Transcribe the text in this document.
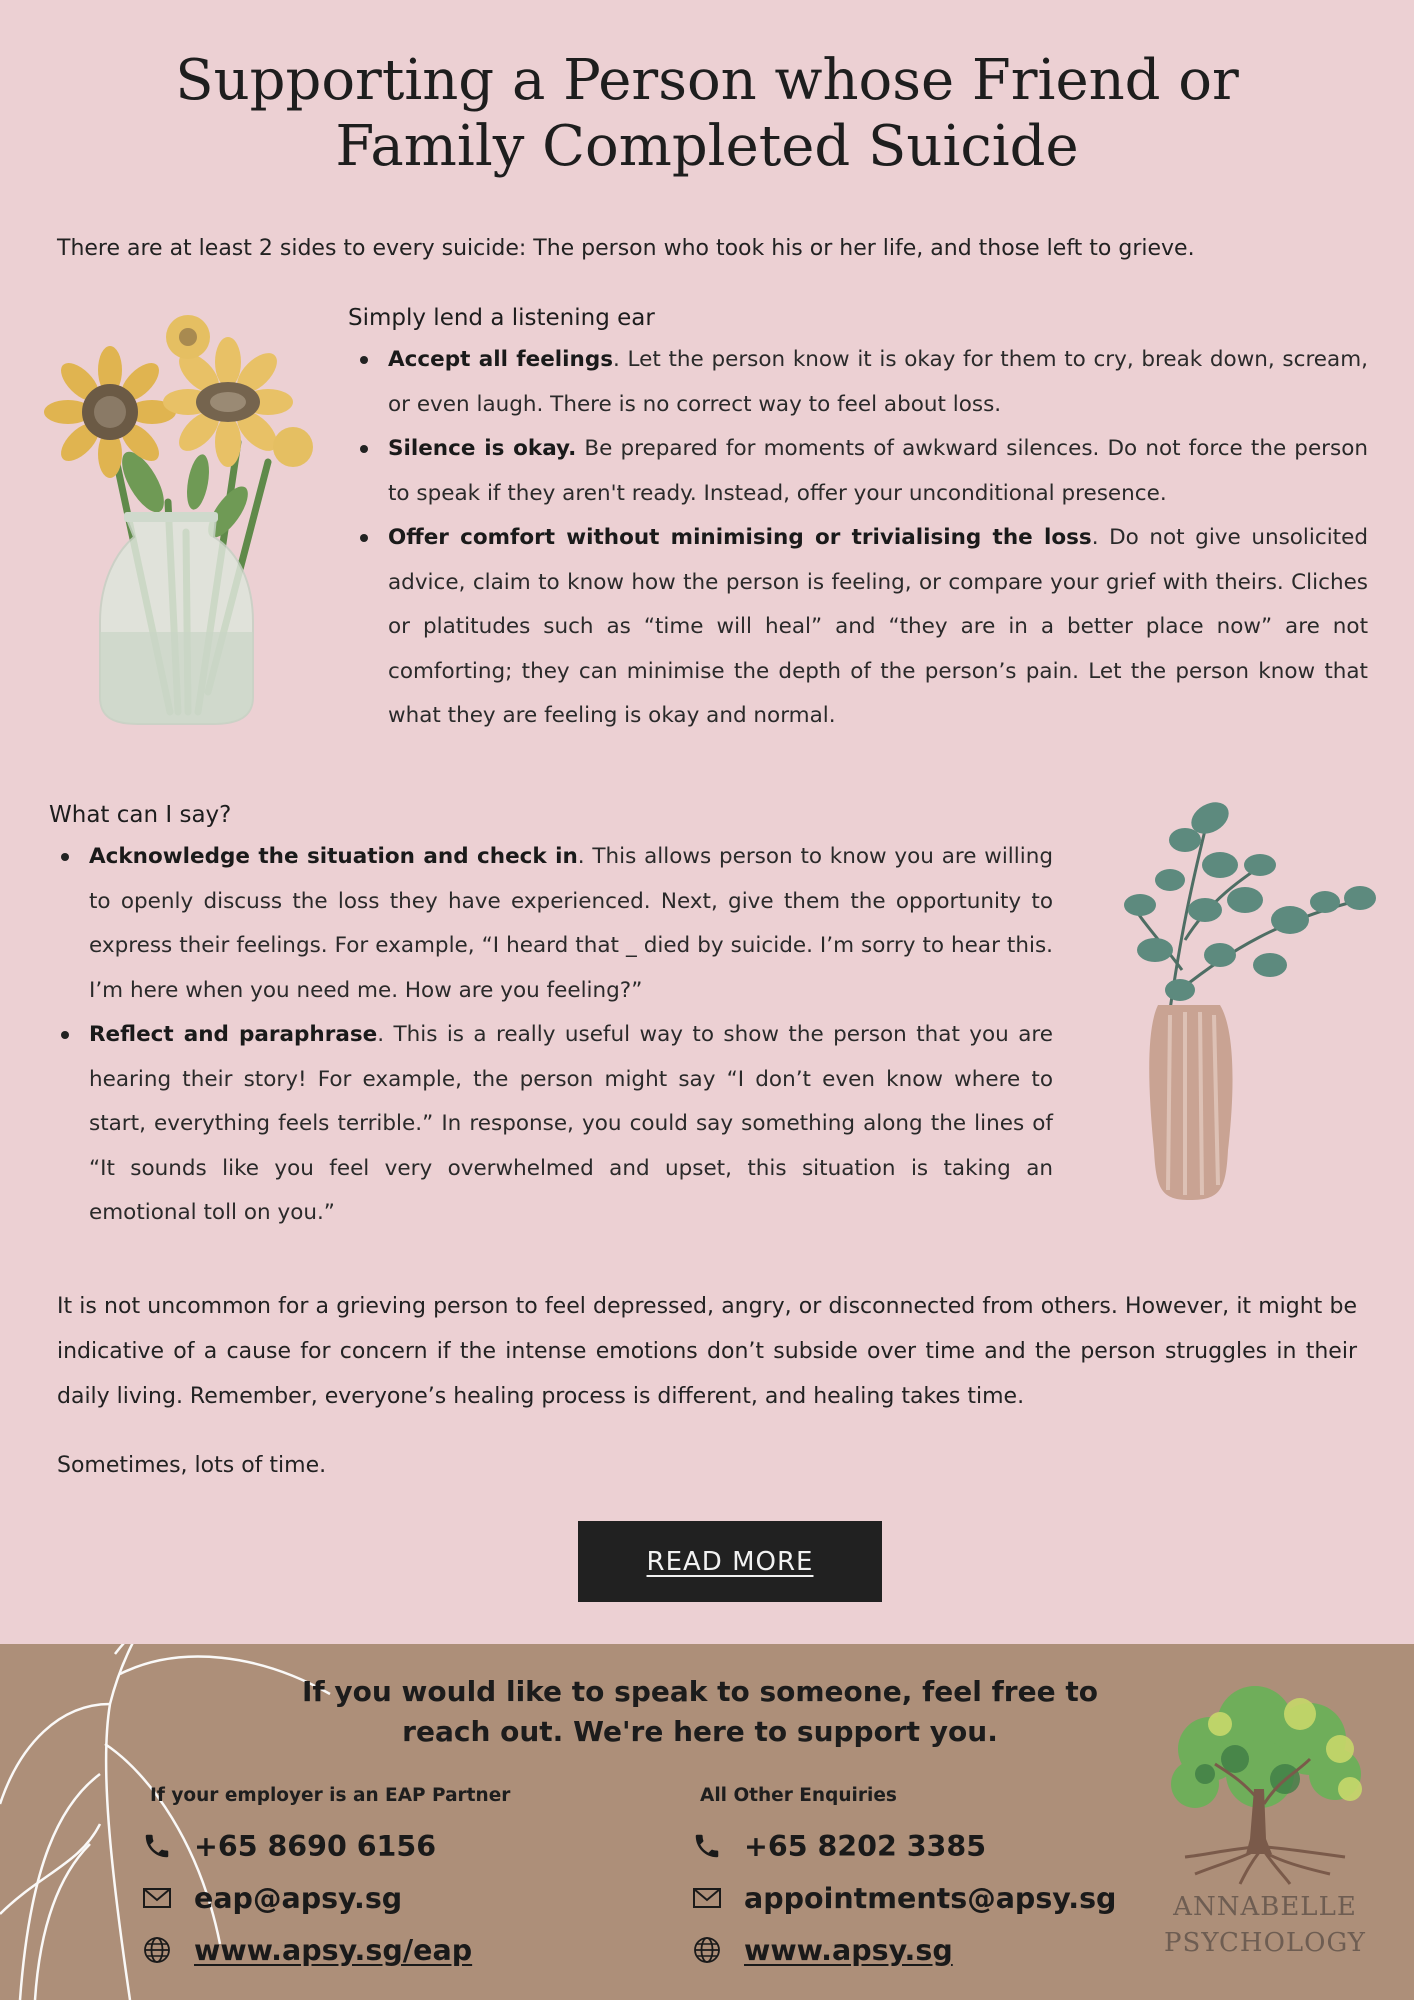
Supporting a Person whose Friend or
Family Completed Suicide

There are at least 2 sides to every suicide: The person who took his or her life, and those left to grieve.

Simply lend a listening ear

Accept all feelings. Let the person know it is okay for them to cry, break down, scream, or even laugh. There is no correct way to feel about loss.
Silence is okay. Be prepared for moments of awkward silences. Do not force the person to speak if they aren't ready. Instead, offer your unconditional presence.
Offer comfort without minimising or trivialising the loss. Do not give unsolicited advice, claim to know how the person is feeling, or compare your grief with theirs. Cliches or platitudes such as “time will heal” and “they are in a better place now” are not comforting; they can minimise the depth of the person’s pain. Let the person know that what they are feeling is okay and normal.

What can I say?

Acknowledge the situation and check in. This allows person to know you are willing to openly discuss the loss they have experienced. Next, give them the opportunity to express their feelings. For example, “I heard that _ died by suicide. I’m sorry to hear this. I’m here when you need me. How are you feeling?”
Reflect and paraphrase. This is a really useful way to show the person that you are hearing their story! For example, the person might say “I don’t even know where to start, everything feels terrible.” In response, you could say something along the lines of “It sounds like you feel very overwhelmed and upset, this situation is taking an emotional toll on you.”

It is not uncommon for a grieving person to feel depressed, angry, or disconnected from others. However, it might be indicative of a cause for concern if the intense emotions don’t subside over time and the person struggles in their daily living. Remember, everyone’s healing process is different, and healing takes time.

Sometimes, lots of time.

READ MORE

If you would like to speak to someone, feel free to
reach out. We're here to support you.

If your employer is an EAP Partner

+65 8690 6156
eap@apsy.sg
www.apsy.sg/eap

All Other Enquiries

+65 8202 3385
appointments@apsy.sg
www.apsy.sg
ANNABELLE
PSYCHOLOGY
